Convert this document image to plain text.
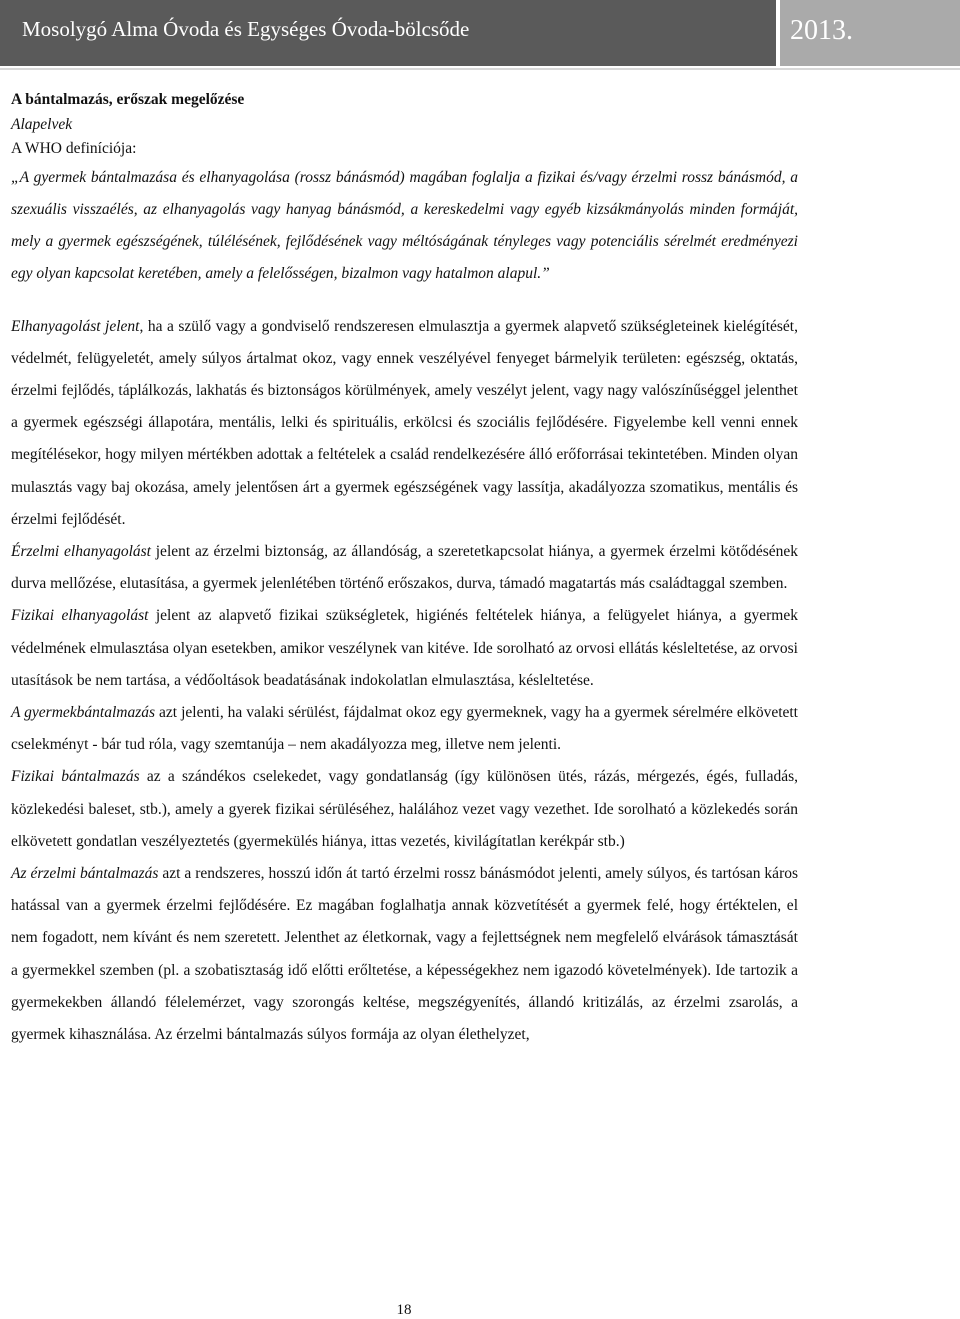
Mosolygó Alma Óvoda és Egységes Óvoda-bölcsőde	2013.

A bántalmazás, erőszak megelőzése

Alapelvek

A WHO definíciója:

„A gyermek bántalmazása és elhanyagolása (rossz bánásmód) magában foglalja a fizikai és/vagy érzelmi rossz bánásmód, a szexuális visszaélés, az elhanyagolás vagy hanyag bánásmód, a kereskedelmi vagy egyéb kizsákmányolás minden formáját, mely a gyermek egészségének, túlélésének, fejlődésének vagy méltóságának tényleges vagy potenciális sérelmét eredményezi egy olyan kapcsolat keretében, amely a felelősségen, bizalmon vagy hatalmon alapul.”

Elhanyagolást jelent, ha a szülő vagy a gondviselő rendszeresen elmulasztja a gyermek alapvető szükségleteinek kielégítését, védelmét, felügyeletét, amely súlyos ártalmat okoz, vagy ennek veszélyével fenyeget bármelyik területen: egészség, oktatás, érzelmi fejlődés, táplálkozás, lakhatás és biztonságos körülmények, amely veszélyt jelent, vagy nagy valószínűséggel jelenthet a gyermek egészségi állapotára, mentális, lelki és spirituális, erkölcsi és szociális fejlődésére. Figyelembe kell venni ennek megítélésekor, hogy milyen mértékben adottak a feltételek a család rendelkezésére álló erőforrásai tekintetében. Minden olyan mulasztás vagy baj okozása, amely jelentősen árt a gyermek egészségének vagy lassítja, akadályozza szomatikus, mentális és érzelmi fejlődését.

Érzelmi elhanyagolást jelent az érzelmi biztonság, az állandóság, a szeretetkapcsolat hiánya, a gyermek érzelmi kötődésének durva mellőzése, elutasítása, a gyermek jelenlétében történő erőszakos, durva, támadó magatartás más családtaggal szemben.

Fizikai elhanyagolást jelent az alapvető fizikai szükségletek, higiénés feltételek hiánya, a felügyelet hiánya, a gyermek védelmének elmulasztása olyan esetekben, amikor veszélynek van kitéve. Ide sorolható az orvosi ellátás késleltetése, az orvosi utasítások be nem tartása, a védőoltások beadatásának indokolatlan elmulasztása, késleltetése.

A gyermekbántalmazás azt jelenti, ha valaki sérülést, fájdalmat okoz egy gyermeknek, vagy ha a gyermek sérelmére elkövetett cselekményt - bár tud róla, vagy szemtanúja – nem akadályozza meg, illetve nem jelenti.

Fizikai bántalmazás az a szándékos cselekedet, vagy gondatlanság (így különösen ütés, rázás, mérgezés, égés, fulladás, közlekedési baleset, stb.), amely a gyerek fizikai sérüléséhez, halálához vezet vagy vezethet. Ide sorolható a közlekedés során elkövetett gondatlan veszélyeztetés (gyermekülés hiánya, ittas vezetés, kivilágítatlan kerékpár stb.)

Az érzelmi bántalmazás azt a rendszeres, hosszú időn át tartó érzelmi rossz bánásmódot jelenti, amely súlyos, és tartósan káros hatással van a gyermek érzelmi fejlődésére. Ez magában foglalhatja annak közvetítését a gyermek felé, hogy értéktelen, el nem fogadott, nem kívánt és nem szeretett. Jelenthet az életkornak, vagy a fejlettségnek nem megfelelő elvárások támasztását a gyermekkel szemben (pl. a szobatisztaság idő előtti erőltetése, a képességekhez nem igazodó követelmények). Ide tartozik a gyermekekben állandó félelemérzet, vagy szorongás keltése, megszégyenítés, állandó kritizálás, az érzelmi zsarolás, a gyermek kihasználása. Az érzelmi bántalmazás súlyos formája az olyan élethelyzet,

18
